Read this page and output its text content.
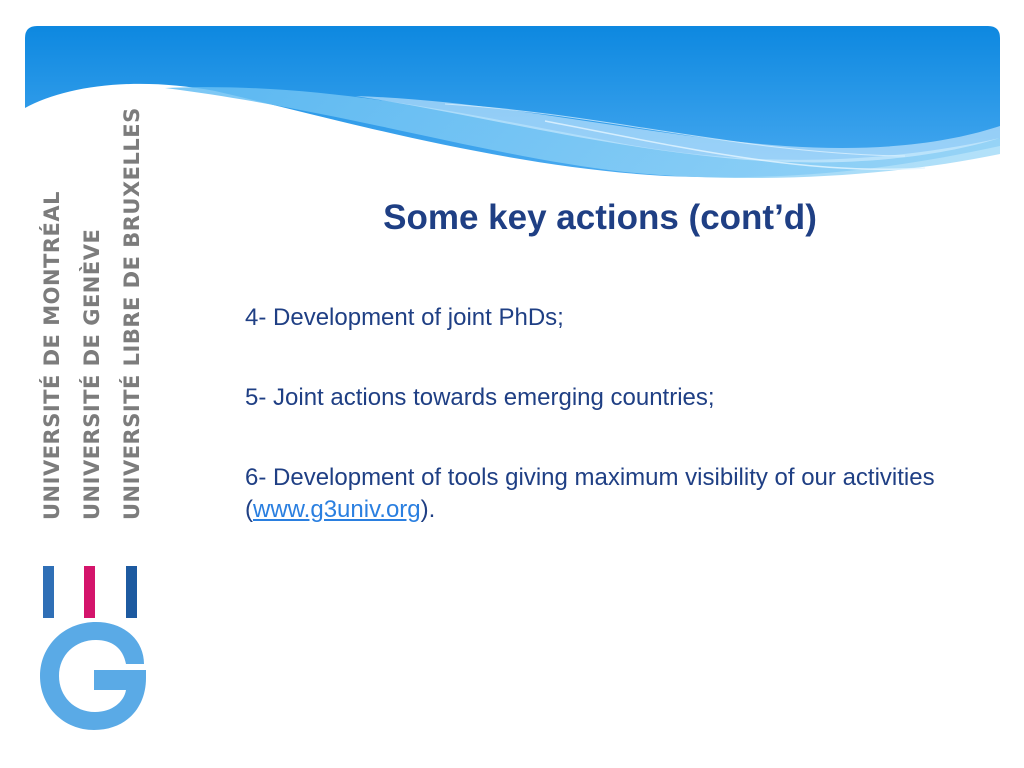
UNIVERSITÉ DE MONTRÉAL UNIVERSITÉ DE GENÈVE UNIVERSITÉ LIBRE DE BRUXELLES	Some key actions (cont’d)

4- Development of joint PhDs;

5- Joint actions towards emerging countries;

6- Development of tools giving maximum visibility of our activities (www.g3univ.org).
